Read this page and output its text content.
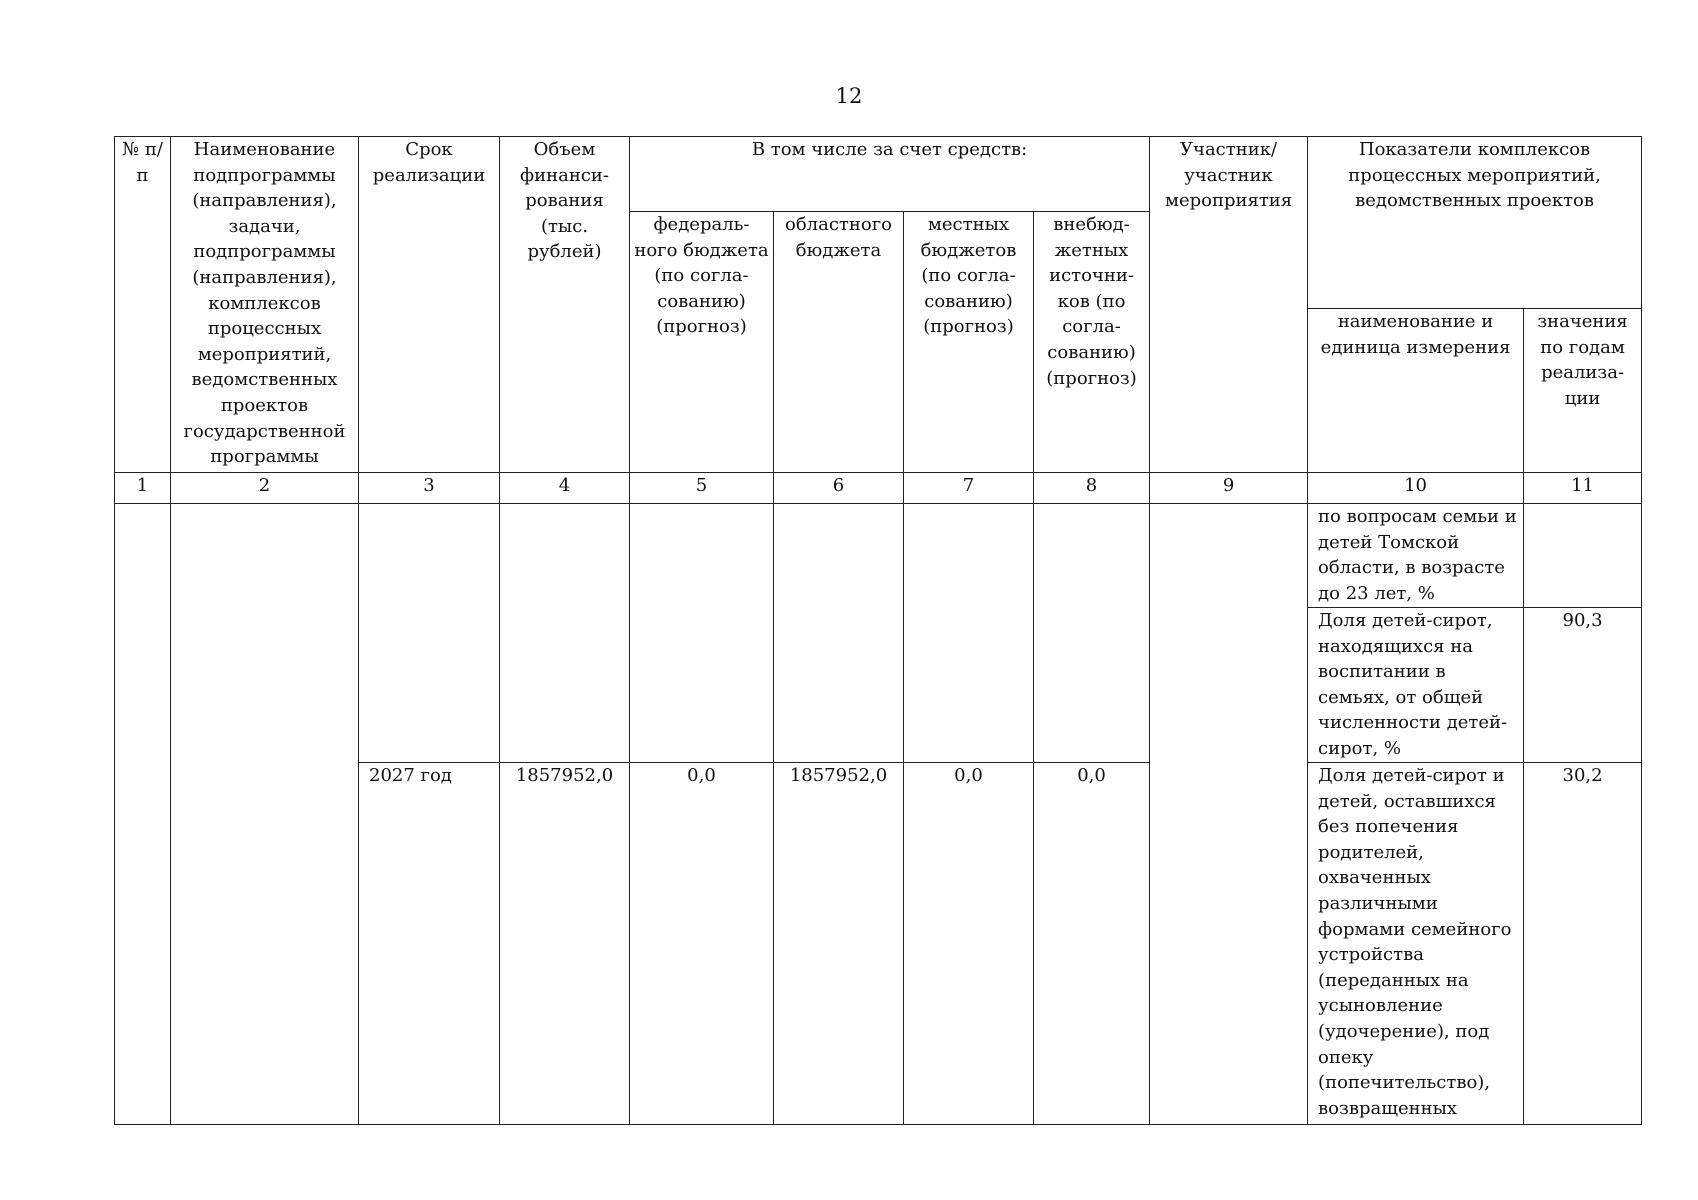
12
№ п/п	Наименование подпрограммы (направления), задачи, подпрограммы (направления), комплексов процессных мероприятий, ведомственных проектов государственной программы	Срок реализации	Объем финанси-рования (тыс. рублей)	В том числе за счет средств:				Участник/ участник мероприятия	Показатели комплексов процессных мероприятий, ведомственных проектов	
				федераль-ного бюджета (по согла-сованию) (прогноз)	областного бюджета	местных бюджетов (по согла-сованию) (прогноз)	внебюд-жетных источни-ков (по согла-сованию) (прогноз)			
									наименование и единица измерения	значения по годам реализа-ции
1	2	3	4	5	6	7	8	9	10	11
									по вопросам семьи и детей Томской области, в возрасте до 23 лет, %	
									Доля детей-сирот, находящихся на воспитании в семьях, от общей численности детей-сирот, %	90,3
		2027 год	1857952,0	0,0	1857952,0	0,0	0,0		Доля детей-сирот и детей, оставшихся без попечения родителей, охваченных различными формами семейного устройства (переданных на усыновление (удочерение), под опеку (попечительство), возвращенных	30,2
